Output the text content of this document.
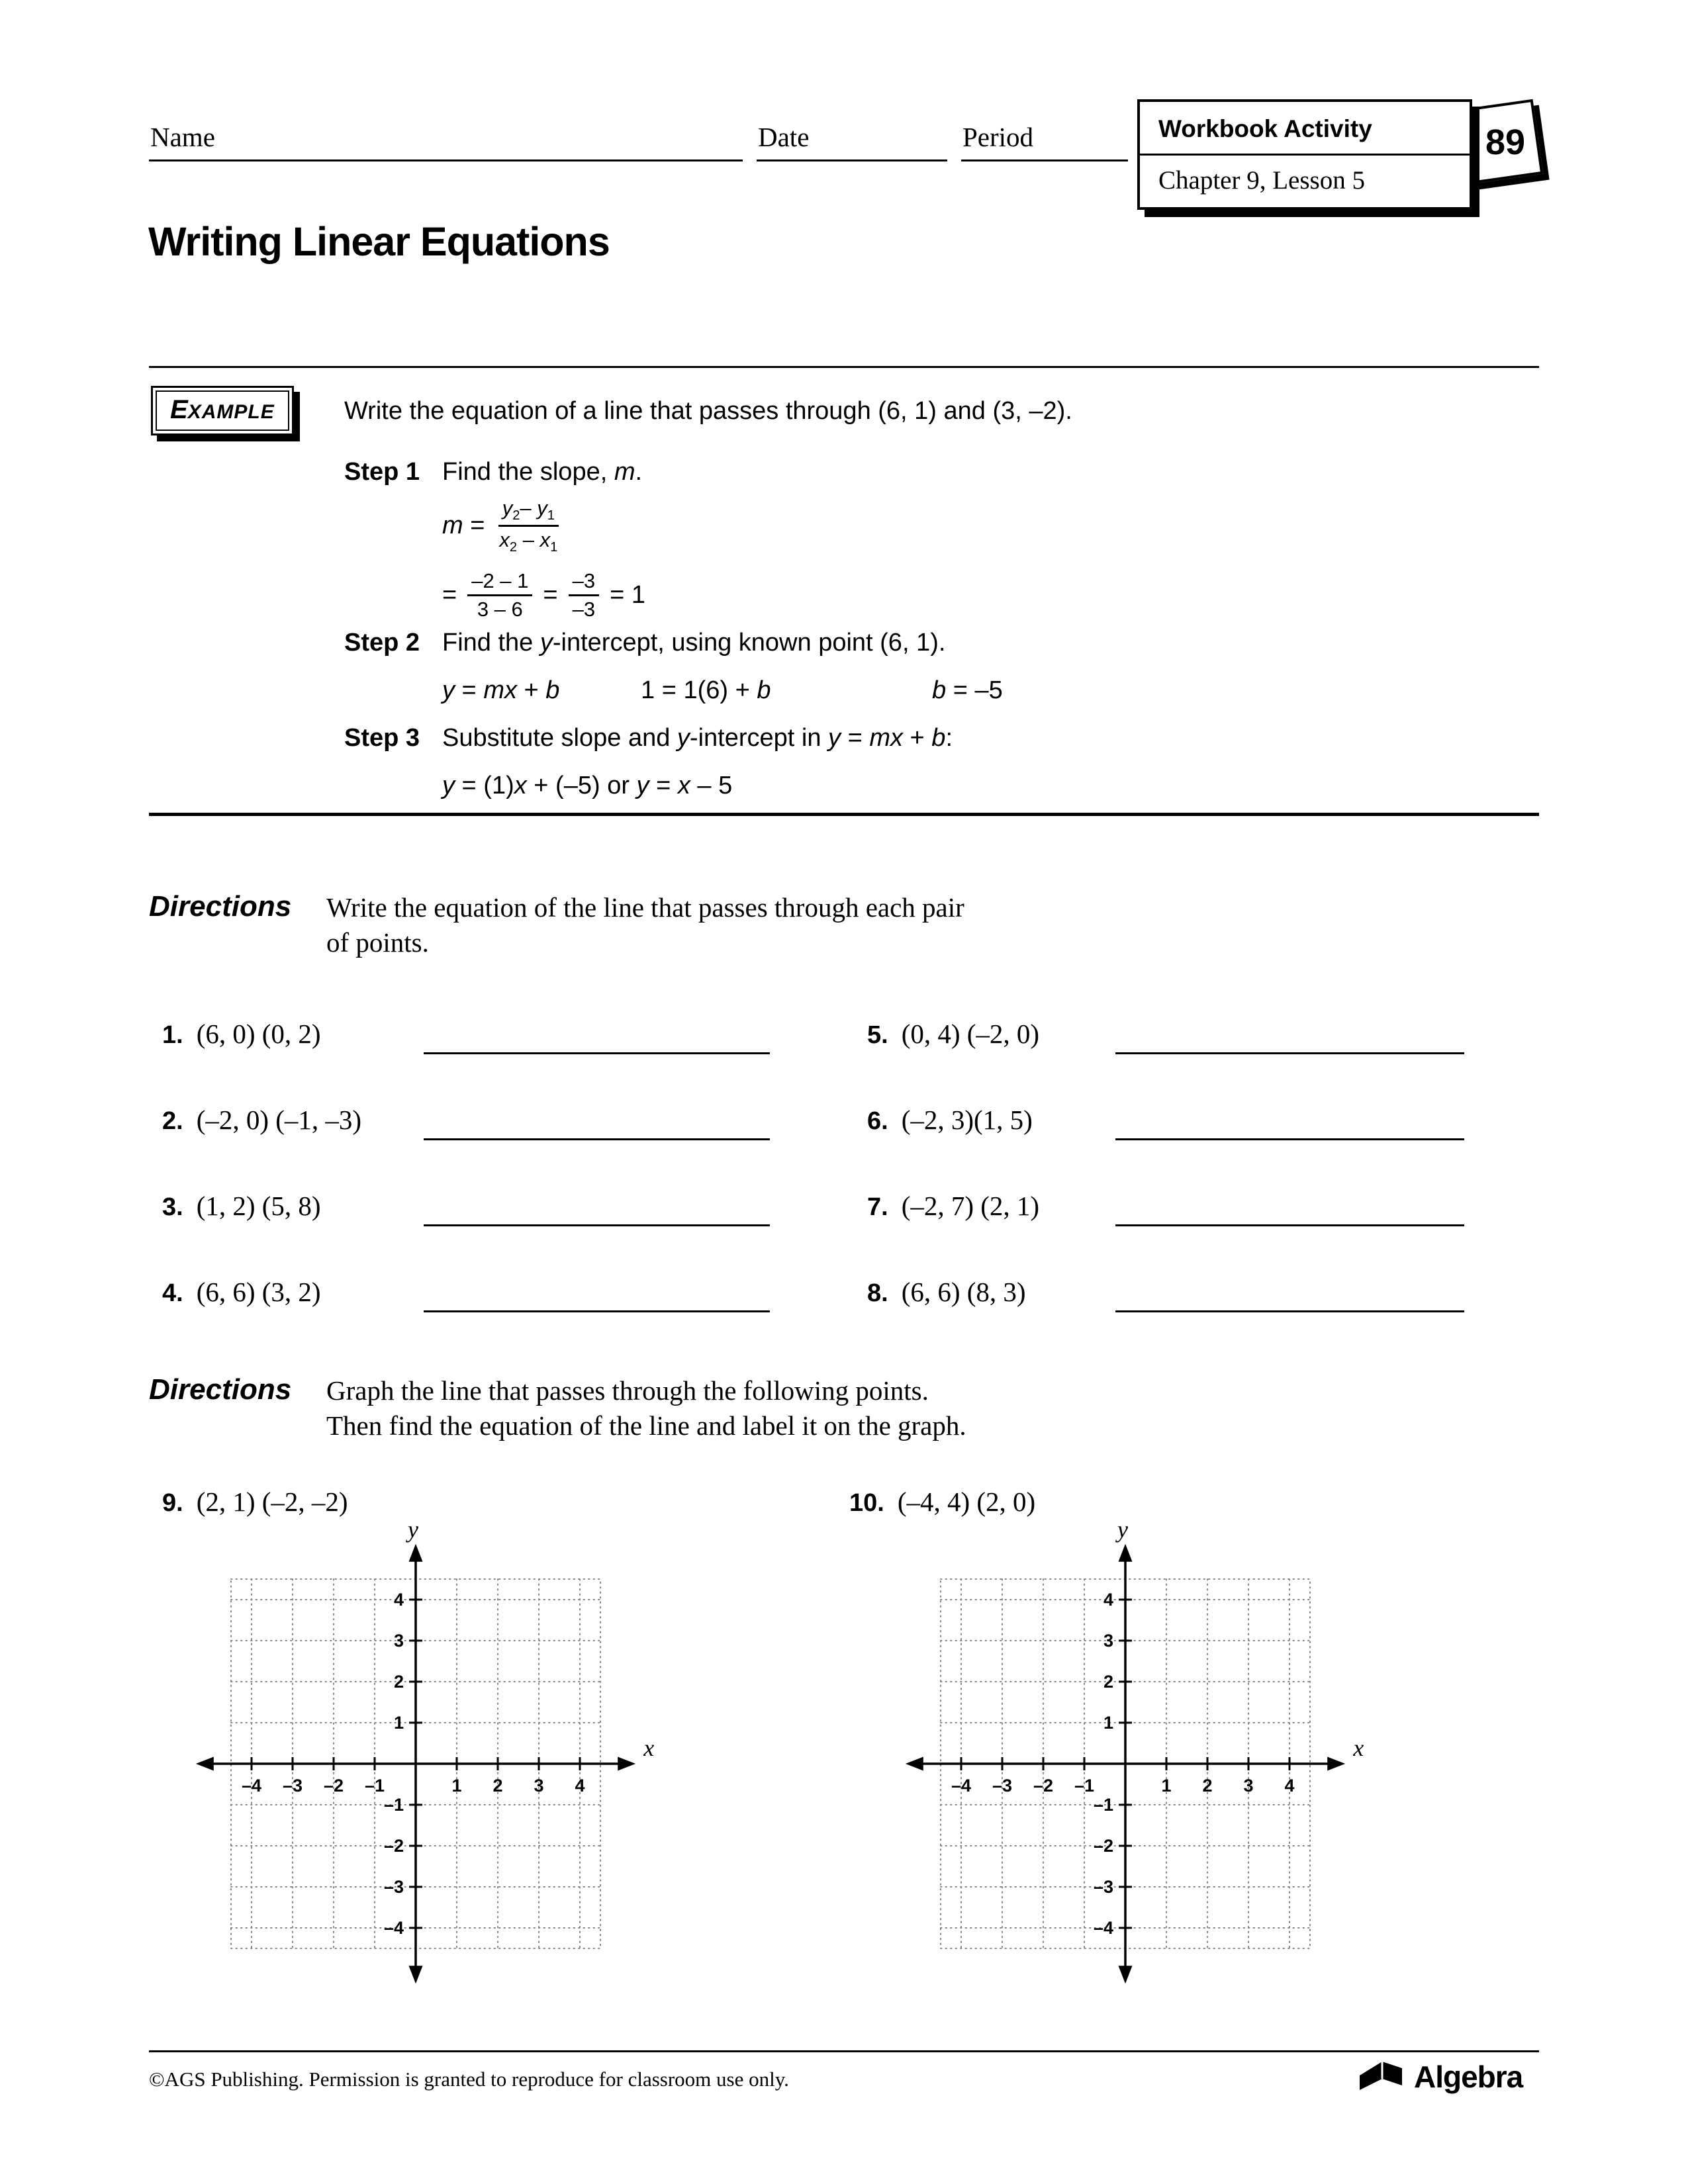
Name	Date	Period	89
Workbook Activity
Chapter 9, Lesson 5
Writing Linear Equations
EXAMPLE	Write the equation of a line that passes through (6, 1) and (3, –2).
Step 1 Find the slope, m.
$m = \frac{y_2- y_1}{x_2 - x_1}$
= $\frac{-2 - 1}{3 - 6} = \frac{-3}{-3} = 1$
Step 2 Find the y-intercept, using known point (6, 1).
y = mx + b	1 = 1(6) + b	b = –5
Step 3 Substitute slope and y-intercept in y = mx + b:
y = (1)x + (–5) or y = x – 5
Directions	Write the equation of the line that passes through each pair
of points.
1. (6, 0) (0, 2)
2. (–2, 0) (–1, –3)
3. (1, 2) (5, 8)
4. (6, 6) (3, 2)
5. (0, 4) (–2, 0)
6. (–2, 3)(1, 5)
7. (–2, 7) (2, 1)
8. (6, 6) (8, 3)
Directions	Graph the line that passes through the following points.
Then find the equation of the line and label it on the graph.
9. (2, 1) (–2, –2)	10. (–4, 4) (2, 0)
–4
–4
–3
–3
–2
–2
–1
–1
1
1
2
2
3
3
4
4
x
y
–4
–4
–3
–3
–2
–2
–1
–1
1
1
2
2
3
3
4
4
x
y
©AGS Publishing. Permission is granted to reproduce for classroom use only.	Algebra
